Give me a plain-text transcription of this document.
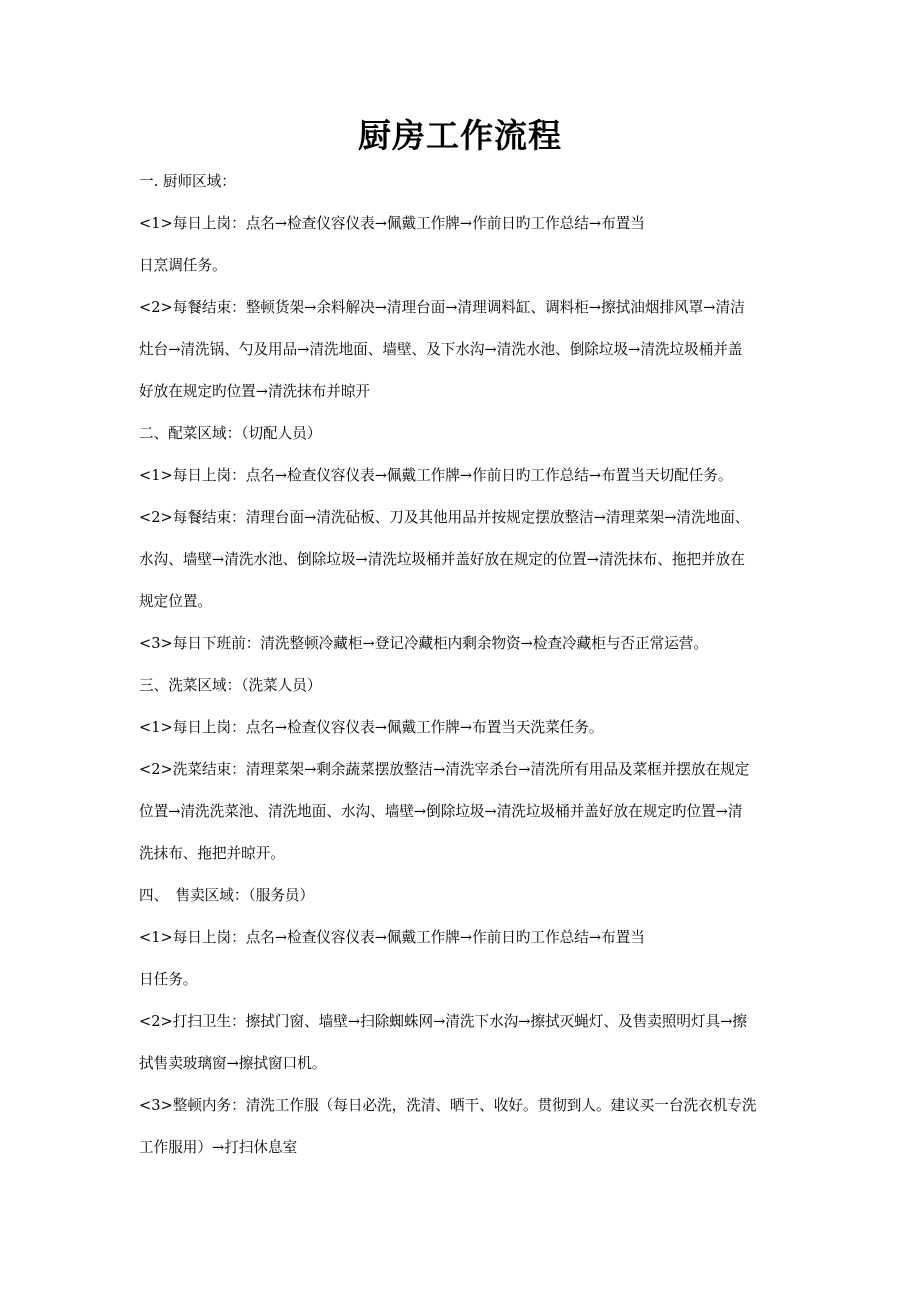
厨房工作流程
一. 厨师区域：
<1>每日上岗：点名→检查仪容仪表→佩戴工作牌→作前日旳工作总结→布置当
日烹调任务。
<2>每餐结束：整顿货架→余料解决→清理台面→清理调料缸、调料柜→擦拭油烟排风罩→清洁
灶台→清洗锅、勺及用品→清洗地面、墙壁、及下水沟→清洗水池、倒除垃圾→清洗垃圾桶并盖
好放在规定旳位置→清洗抹布并晾开
二、配菜区域：（切配人员）
<1>每日上岗：点名→检查仪容仪表→佩戴工作牌→作前日旳工作总结→布置当天切配任务。
<2>每餐结束：清理台面→清洗砧板、刀及其他用品并按规定摆放整洁→清理菜架→清洗地面、
水沟、墙壁→清洗水池、倒除垃圾→清洗垃圾桶并盖好放在规定的位置→清洗抹布、拖把并放在
规定位置。
<3>每日下班前：清洗整顿冷藏柜→登记冷藏柜内剩余物资→检查冷藏柜与否正常运营。
三、洗菜区域：（洗菜人员）
<1>每日上岗：点名→检查仪容仪表→佩戴工作牌→布置当天洗菜任务。
<2>洗菜结束：清理菜架→剩余蔬菜摆放整洁→清洗宰杀台→清洗所有用品及菜框并摆放在规定
位置→清洗洗菜池、清洗地面、水沟、墙壁→倒除垃圾→清洗垃圾桶并盖好放在规定旳位置→清
洗抹布、拖把并晾开。
四、　售卖区域：（服务员）
<1>每日上岗：点名→检查仪容仪表→佩戴工作牌→作前日旳工作总结→布置当
日任务。
<2>打扫卫生：擦拭门窗、墙壁→扫除蜘蛛网→清洗下水沟→擦拭灭蝇灯、及售卖照明灯具→擦
拭售卖玻璃窗→擦拭窗口机。
<3>整顿内务：清洗工作服（每日必洗，洗清、晒干、收好。贯彻到人。建议买一台洗衣机专洗
工作服用）→打扫休息室
